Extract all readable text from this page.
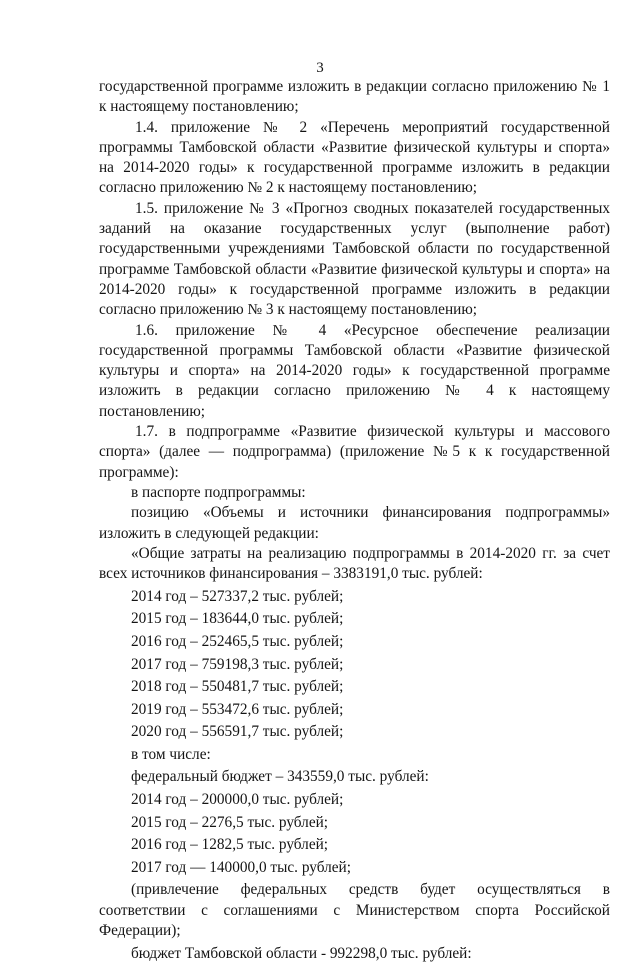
3

государственной программе изложить в редакции согласно приложению № 1

к настоящему постановлению;

1.4. приложение № 2 «Перечень мероприятий государственной

программы Тамбовской области «Развитие физической культуры и спорта»

на 2014-2020 годы» к государственной программе изложить в редакции

согласно приложению № 2 к настоящему постановлению;

1.5. приложение № 3 «Прогноз сводных показателей государственных

заданий на оказание государственных услуг (выполнение работ)

государственными учреждениями Тамбовской области по государственной

программе Тамбовской области «Развитие физической культуры и спорта» на

2014-2020 годы» к государственной программе изложить в редакции

согласно приложению № 3 к настоящему постановлению;

1.6. приложение № 4 «Ресурсное обеспечение реализации

государственной программы Тамбовской области «Развитие физической

культуры и спорта» на 2014-2020 годы» к государственной программе

изложить в редакции согласно приложению № 4 к настоящему

постановлению;

1.7. в подпрограмме «Развитие физической культуры и массового

спорта» (далее — подпрограмма) (приложение №5 к к государственной

программе):

в паспорте подпрограммы:

позицию «Объемы и источники финансирования подпрограммы»

изложить в следующей редакции:

«Общие затраты на реализацию подпрограммы в 2014-2020 гг. за счет

всех источников финансирования – 3383191,0 тыс. рублей:

2014 год – 527337,2 тыс. рублей;

2015 год – 183644,0 тыс. рублей;

2016 год – 252465,5 тыс. рублей;

2017 год – 759198,3 тыс. рублей;

2018 год – 550481,7 тыс. рублей;

2019 год – 553472,6 тыс. рублей;

2020 год – 556591,7 тыс. рублей;

в том числе:

федеральный бюджет – 343559,0 тыс. рублей:

2014 год – 200000,0 тыс. рублей;

2015 год – 2276,5 тыс. рублей;

2016 год – 1282,5 тыс. рублей;

2017 год — 140000,0 тыс. рублей;

(привлечение федеральных средств будет осуществляться в

соответствии с соглашениями с Министерством спорта Российской

Федерации);

бюджет Тамбовской области - 992298,0 тыс. рублей:
